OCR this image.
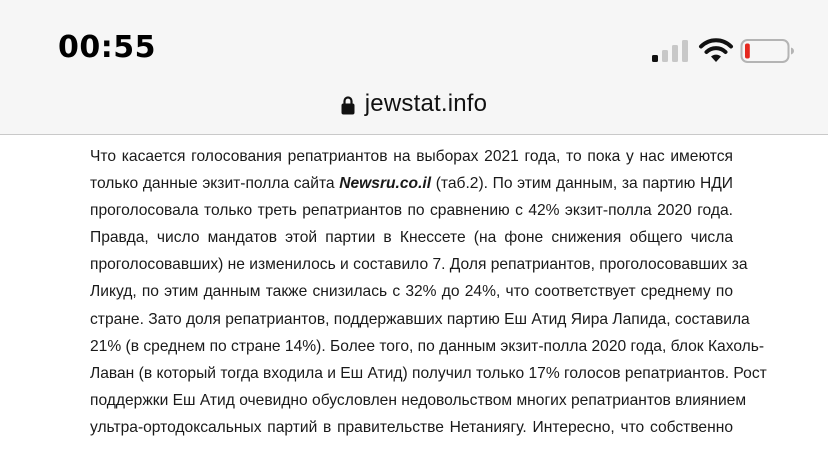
00:55
jewstat.info
Что касается голосования репатриантов на выборах 2021 года, то пока у нас имеются
только данные экзит-полла сайта Newsru.co.il (таб.2). По этим данным, за партию НДИ
проголосовала только треть репатриантов по сравнению с 42% экзит-полла 2020 года.
Правда, число мандатов этой партии в Кнессете (на фоне снижения общего числа
проголосовавших) не изменилось и составило 7. Доля репатриантов, проголосовавших за
Ликуд, по этим данным также снизилась с 32% до 24%, что соответствует среднему по
стране. Зато доля репатриантов, поддержавших партию Еш Атид Яира Лапида, составила
21% (в среднем по стране 14%). Более того, по данным экзит-полла 2020 года, блок Кахоль-
Лаван (в который тогда входила и Еш Атид) получил только 17% голосов репатриантов. Рост
поддержки Еш Атид очевидно обусловлен недовольством многих репатриантов влиянием
ультра-ортодоксальных партий в правительстве Нетаниягу. Интересно, что собственно
